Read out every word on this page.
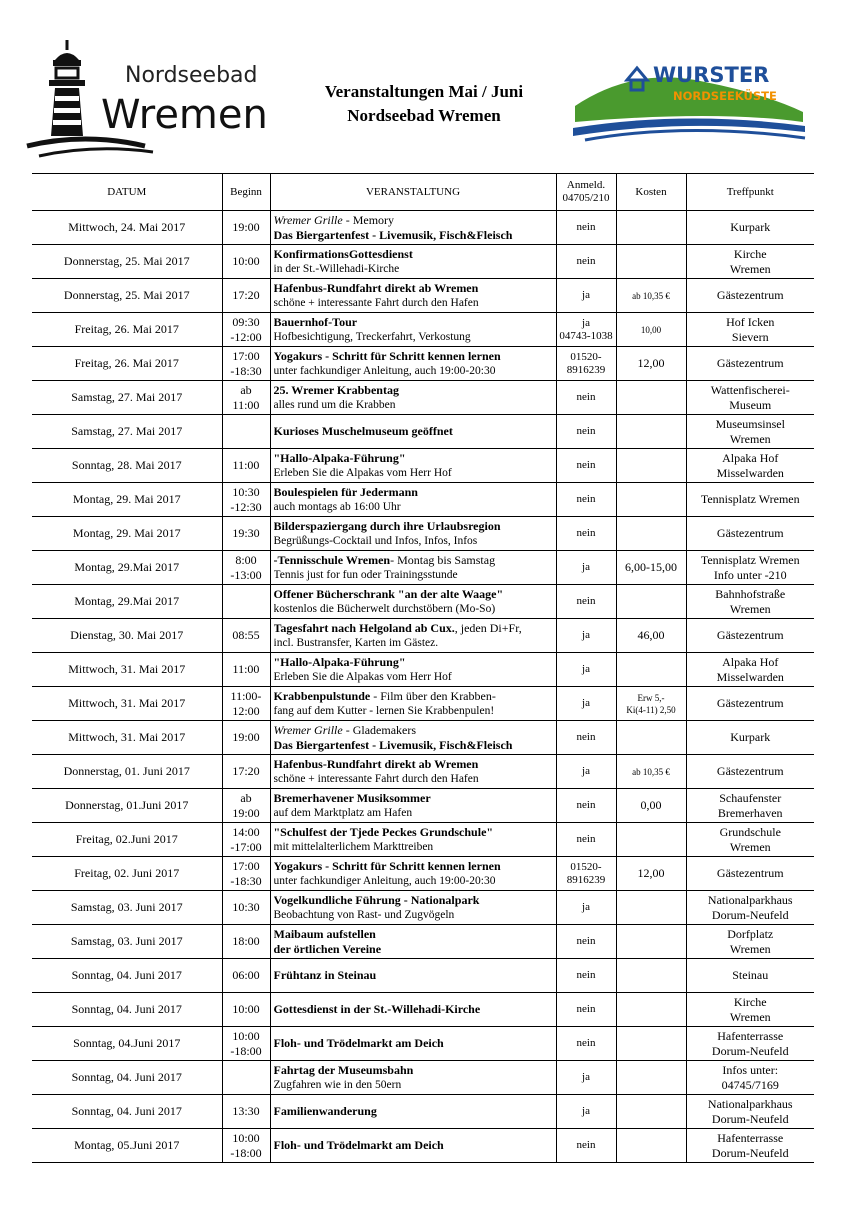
Nordseebad
Wremen
Veranstaltungen Mai / Juni
Nordseebad Wremen
WURSTER
NORDSEEKÜSTE
DATUM	Beginn	VERANSTALTUNG	Anmeld.
04705/210	Kosten	Treffpunkt
Mittwoch, 24. Mai 2017	19:00	Wremer Grille - Memory
Das Biergartenfest - Livemusik, Fisch&Fleisch	nein		Kurpark

Donnerstag, 25. Mai 2017	10:00	KonfirmationsGottesdienst
in der St.-Willehadi-Kirche	nein		Kirche
Wremen

Donnerstag, 25. Mai 2017	17:20	Hafenbus-Rundfahrt direkt ab Wremen
schöne + interessante Fahrt durch den Hafen	ja	ab 10,35 €	Gästezentrum

Freitag, 26. Mai 2017	09:30
-12:00	Bauernhof-Tour
Hofbesichtigung, Treckerfahrt, Verkostung	ja
04743-1038	10,00	Hof Icken
Sievern

Freitag, 26. Mai 2017	17:00
-18:30	Yogakurs - Schritt für Schritt kennen lernen
unter fachkundiger Anleitung, auch 19:00-20:30	01520-
8916239	12,00	Gästezentrum

Samstag, 27. Mai 2017	ab
11:00	25. Wremer Krabbentag
alles rund um die Krabben	nein		Wattenfischerei-
Museum

Samstag, 27. Mai 2017		Kurioses Muschelmuseum geöffnet	nein		Museumsinsel
Wremen

Sonntag, 28. Mai 2017	11:00	"Hallo-Alpaka-Führung"
Erleben Sie die Alpakas vom Herr Hof	nein		Alpaka Hof
Misselwarden

Montag, 29. Mai 2017	10:30
-12:30	Boulespielen für Jedermann
auch montags ab 16:00 Uhr	nein		Tennisplatz Wremen

Montag, 29. Mai 2017	19:30	Bilderspaziergang durch ihre Urlaubsregion
Begrüßungs-Cocktail und Infos, Infos, Infos	nein		Gästezentrum

Montag, 29.Mai 2017	8:00
-13:00	-Tennisschule Wremen- Montag bis Samstag
Tennis just for fun oder Trainingsstunde	ja	6,00-15,00	Tennisplatz Wremen
Info unter -210

Montag, 29.Mai 2017		Offener Bücherschrank "an der alte Waage"
kostenlos die Bücherwelt durchstöbern (Mo-So)	nein		Bahnhofstraße
Wremen

Dienstag, 30. Mai 2017	08:55	Tagesfahrt nach Helgoland ab Cux., jeden Di+Fr,
incl. Bustransfer, Karten im Gästez.	ja	46,00	Gästezentrum

Mittwoch, 31. Mai 2017	11:00	"Hallo-Alpaka-Führung"
Erleben Sie die Alpakas vom Herr Hof	ja		Alpaka Hof
Misselwarden

Mittwoch, 31. Mai 2017	11:00-
12:00	Krabbenpulstunde - Film über den Krabben-
fang auf dem Kutter - lernen Sie Krabbenpulen!	ja	Erw 5,-
Ki(4-11) 2,50	Gästezentrum

Mittwoch, 31. Mai 2017	19:00	Wremer Grille - Glademakers
Das Biergartenfest - Livemusik, Fisch&Fleisch	nein		Kurpark

Donnerstag, 01. Juni 2017	17:20	Hafenbus-Rundfahrt direkt ab Wremen
schöne + interessante Fahrt durch den Hafen	ja	ab 10,35 €	Gästezentrum

Donnerstag, 01.Juni 2017	ab
19:00	Bremerhavener Musiksommer
auf dem Marktplatz am Hafen	nein	0,00	Schaufenster
Bremerhaven

Freitag, 02.Juni 2017	14:00
-17:00	"Schulfest der Tjede Peckes Grundschule"
mit mittelalterlichem Markttreiben	nein		Grundschule
Wremen

Freitag, 02. Juni 2017	17:00
-18:30	Yogakurs - Schritt für Schritt kennen lernen
unter fachkundiger Anleitung, auch 19:00-20:30	01520-
8916239	12,00	Gästezentrum

Samstag, 03. Juni 2017	10:30	Vogelkundliche Führung - Nationalpark
Beobachtung von Rast- und Zugvögeln	ja		Nationalparkhaus
Dorum-Neufeld

Samstag, 03. Juni 2017	18:00	Maibaum aufstellen
der örtlichen Vereine	nein		Dorfplatz
Wremen

Sonntag, 04. Juni 2017	06:00	Frühtanz in Steinau	nein		Steinau

Sonntag, 04. Juni 2017	10:00	Gottesdienst in der St.-Willehadi-Kirche	nein		Kirche
Wremen

Sonntag, 04.Juni 2017	10:00
-18:00	Floh- und Trödelmarkt am Deich	nein		Hafenterrasse
Dorum-Neufeld

Sonntag, 04. Juni 2017		Fahrtag der Museumsbahn
Zugfahren wie in den 50ern	ja		Infos unter:
04745/7169

Sonntag, 04. Juni 2017	13:30	Familienwanderung	ja		Nationalparkhaus
Dorum-Neufeld

Montag, 05.Juni 2017	10:00
-18:00	Floh- und Trödelmarkt am Deich	nein		Hafenterrasse
Dorum-Neufeld
